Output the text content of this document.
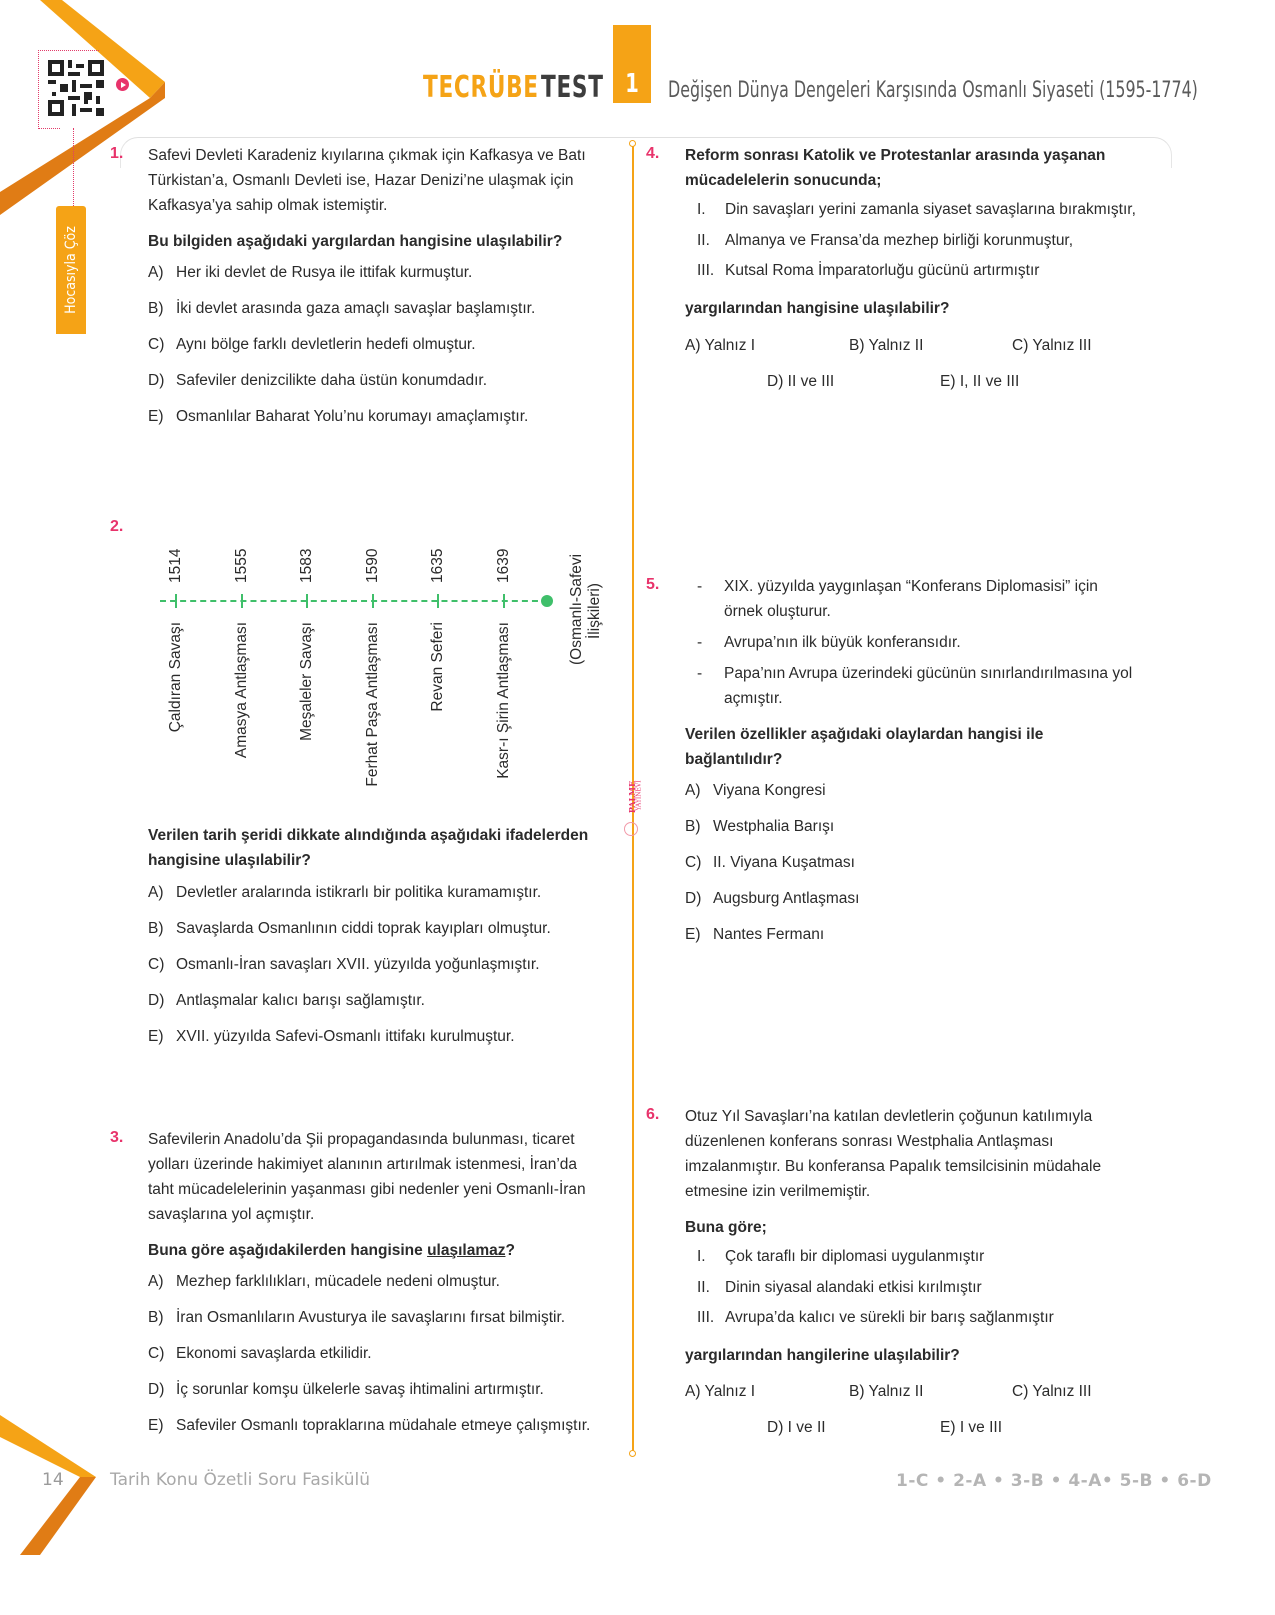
Hocasıyla Çöz
TECRÜBE TEST 1 Değişen Dünya Dengeleri Karşısında Osmanlı Siyaseti (1595-1774)
1. Safevi Devleti Karadeniz kıyılarına çıkmak için Kafkasya ve Batı
Türkistan’a, Osmanlı Devleti ise, Hazar Denizi’ne ulaşmak için
Kafkasya’ya sahip olmak istemiştir.
Bu bilgiden aşağıdaki yargılardan hangisine ulaşılabilir?
A) Her iki devlet de Rusya ile ittifak kurmuştur.
B) İki devlet arasında gaza amaçlı savaşlar başlamıştır.
C) Aynı bölge farklı devletlerin hedefi olmuştur.
D) Safeviler denizcilikte daha üstün konumdadır.
E) Osmanlılar Baharat Yolu’nu korumayı amaçlamıştır.
2.
1514
Çaldıran Savaşı
1555
Amasya Antlaşması
1583
Meşaleler Savaşı
1590
Ferhat Paşa Antlaşması
1635
Revan Seferi
1639
Kasr-ı Şirin Antlaşması
(Osmanlı-Safevi İlişkileri)
Verilen tarih şeridi dikkate alındığında aşağıdaki ifadelerden
hangisine ulaşılabilir?
A) Devletler aralarında istikrarlı bir politika kuramamıştır.
B) Savaşlarda Osmanlının ciddi toprak kayıpları olmuştur.
C) Osmanlı-İran savaşları XVII. yüzyılda yoğunlaşmıştır.
D) Antlaşmalar kalıcı barışı sağlamıştır.
E) XVII. yüzyılda Safevi-Osmanlı ittifakı kurulmuştur.
3. Safevilerin Anadolu’da Şii propagandasında bulunması, ticaret
yolları üzerinde hakimiyet alanının artırılmak istenmesi, İran’da
taht mücadelelerinin yaşanması gibi nedenler yeni Osmanlı-İran
savaşlarına yol açmıştır.
Buna göre aşağıdakilerden hangisine ulaşılamaz?
A) Mezhep farklılıkları, mücadele nedeni olmuştur.
B) İran Osmanlıların Avusturya ile savaşlarını fırsat bilmiştir.
C) Ekonomi savaşlarda etkilidir.
D) İç sorunlar komşu ülkelerle savaş ihtimalini artırmıştır.
E) Safeviler Osmanlı topraklarına müdahale etmeye çalışmıştır.
4. Reform sonrası Katolik ve Protestanlar arasında yaşanan
mücadelelerin sonucunda;
I. Din savaşları yerini zamanla siyaset savaşlarına bırakmıştır,
II. Almanya ve Fransa’da mezhep birliği korunmuştur,
III. Kutsal Roma İmparatorluğu gücünü artırmıştır
yargılarından hangisine ulaşılabilir?
A) Yalnız I	B) Yalnız II	C) Yalnız III
D) II ve III	E) I, II ve III
5. - XIX. yüzyılda yaygınlaşan “Konferans Diplomasisi” için
örnek oluşturur.
- Avrupa’nın ilk büyük konferansıdır.
- Papa’nın Avrupa üzerindeki gücünün sınırlandırılmasına yol
açmıştır.
Verilen özellikler aşağıdaki olaylardan hangisi ile
bağlantılıdır?
A) Viyana Kongresi
B) Westphalia Barışı
C) II. Viyana Kuşatması
D) Augsburg Antlaşması
E) Nantes Fermanı
6. Otuz Yıl Savaşları’na katılan devletlerin çoğunun katılımıyla
düzenlenen konferans sonrası Westphalia Antlaşması
imzalanmıştır. Bu konferansa Papalık temsilcisinin müdahale
etmesine izin verilmemiştir.
Buna göre;
I. Çok taraflı bir diplomasi uygulanmıştır
II. Dinin siyasal alandaki etkisi kırılmıştır
III. Avrupa’da kalıcı ve sürekli bir barış sağlanmıştır
yargılarından hangilerine ulaşılabilir?
A) Yalnız I	B) Yalnız II	C) Yalnız III
D) I ve II	E) I ve III
PALME
YAYINEVİ
14	Tarih Konu Özetli Soru Fasikülü	1-C • 2-A • 3-B • 4-A• 5-B • 6-D
